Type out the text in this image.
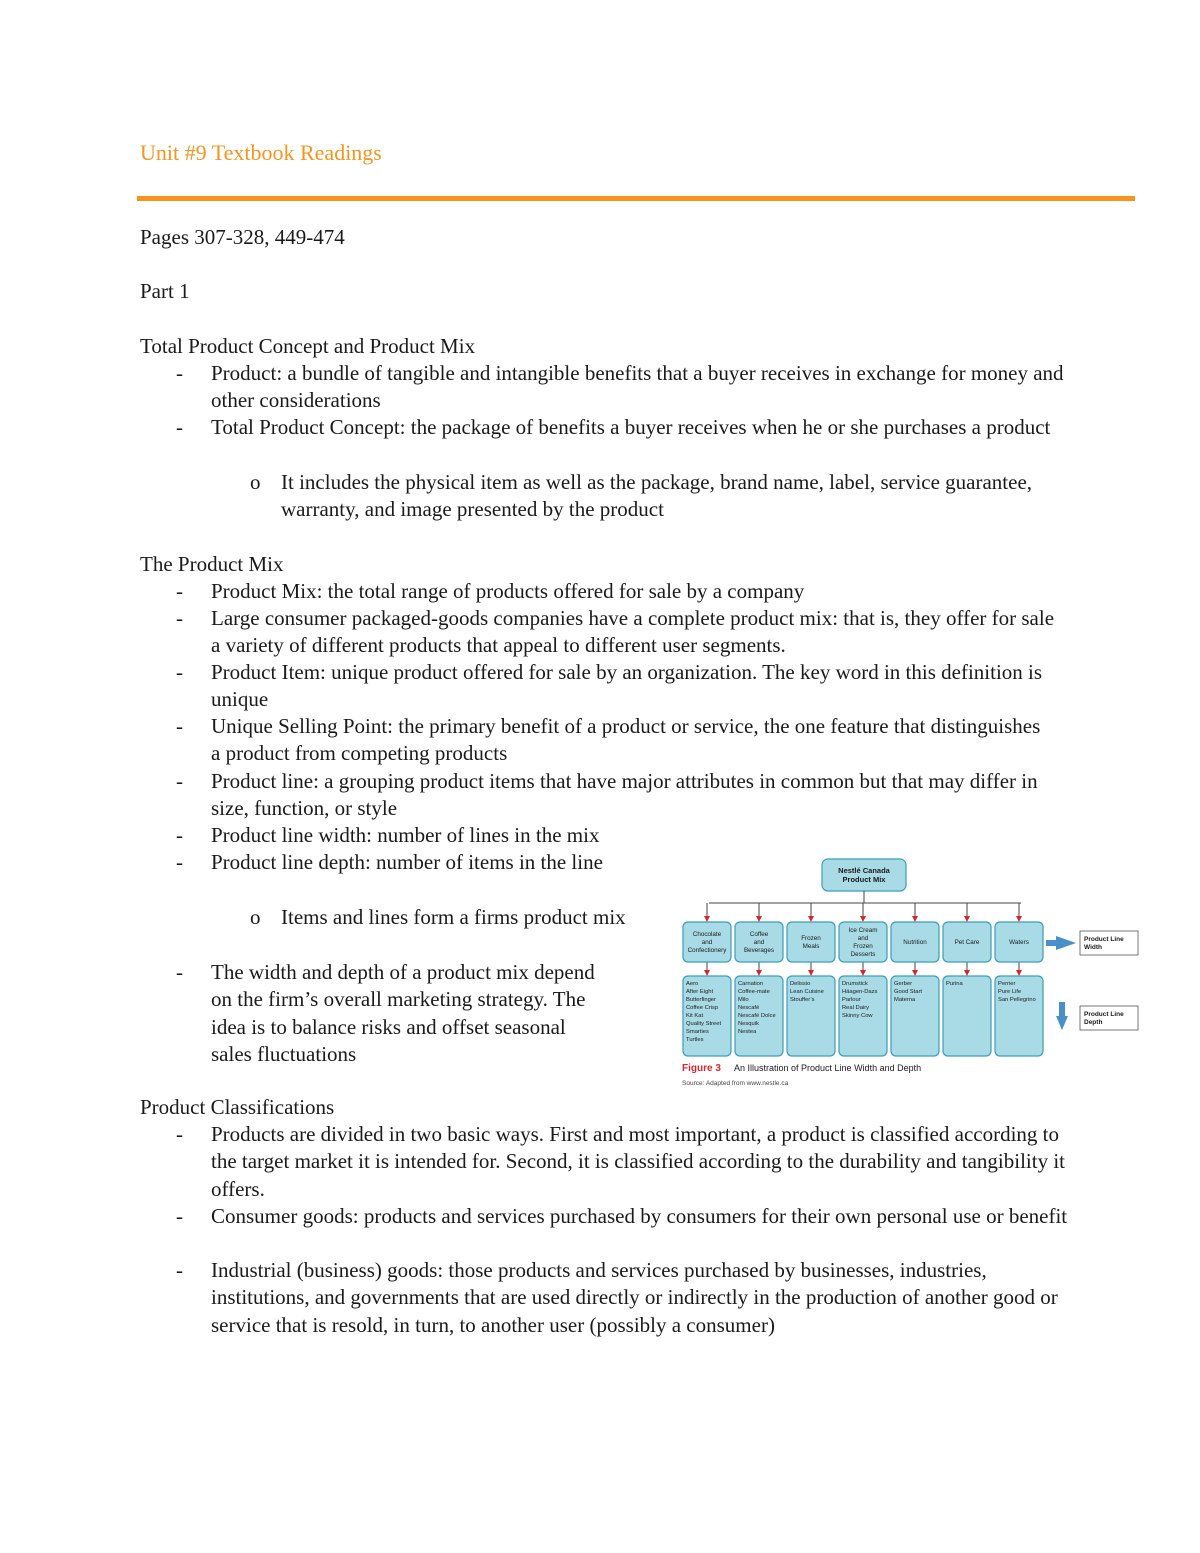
Unit #9 Textbook Readings
Pages 307-328, 449-474
Part 1
Total Product Concept and Product Mix
- Product: a bundle of tangible and intangible benefits that a buyer receives in exchange for money and other considerations
- Total Product Concept: the package of benefits a buyer receives when he or she purchases a product
o It includes the physical item as well as the package, brand name, label, service guarantee, warranty, and image presented by the product
The Product Mix
- Product Mix: the total range of products offered for sale by a company
- Large consumer packaged-goods companies have a complete product mix: that is, they offer for sale a variety of different products that appeal to different user segments.
- Product Item: unique product offered for sale by an organization. The key word in this definition is unique
- Unique Selling Point: the primary benefit of a product or service, the one feature that distinguishes a product from competing products
- Product line: a grouping product items that have major attributes in common but that may differ in size, function, or style
- Product line width: number of lines in the mix
- Product line depth: number of items in the line
o Items and lines form a firms product mix
- The width and depth of a product mix depend on the firm’s overall marketing strategy. The idea is to balance risks and offset seasonal sales fluctuations
Nestlé Canada Product Mix
Chocolate and Confectionery
Coffee and Beverages
Frozen Meals
Ice Cream and Frozen Desserts
Nutrition	Pet Care	Waters
Aero After Eight Butterfinger Coffee Crisp Kit Kat Quality Street Smarties Turtles
Carnation Coffee-mate Milo Nescafé Nescafé Dolce Nesquik Nestea
Delissio Lean Cuisine Stouffer’s
Drumstick Häagen-Dazs Parlour Real Dairy Skinny Cow
Gerber Good Start Materna
Purina	Perrier Pure Life San Pellegrino
Product Line Width
Product Line Depth
Figure 3 An Illustration of Product Line Width and Depth
Source: Adapted from www.nestle.ca
Product Classifications
- Products are divided in two basic ways. First and most important, a product is classified according to the target market it is intended for. Second, it is classified according to the durability and tangibility it offers.
- Consumer goods: products and services purchased by consumers for their own personal use or benefit
- Industrial (business) goods: those products and services purchased by businesses, industries, institutions, and governments that are used directly or indirectly in the production of another good or service that is resold, in turn, to another user (possibly a consumer)
